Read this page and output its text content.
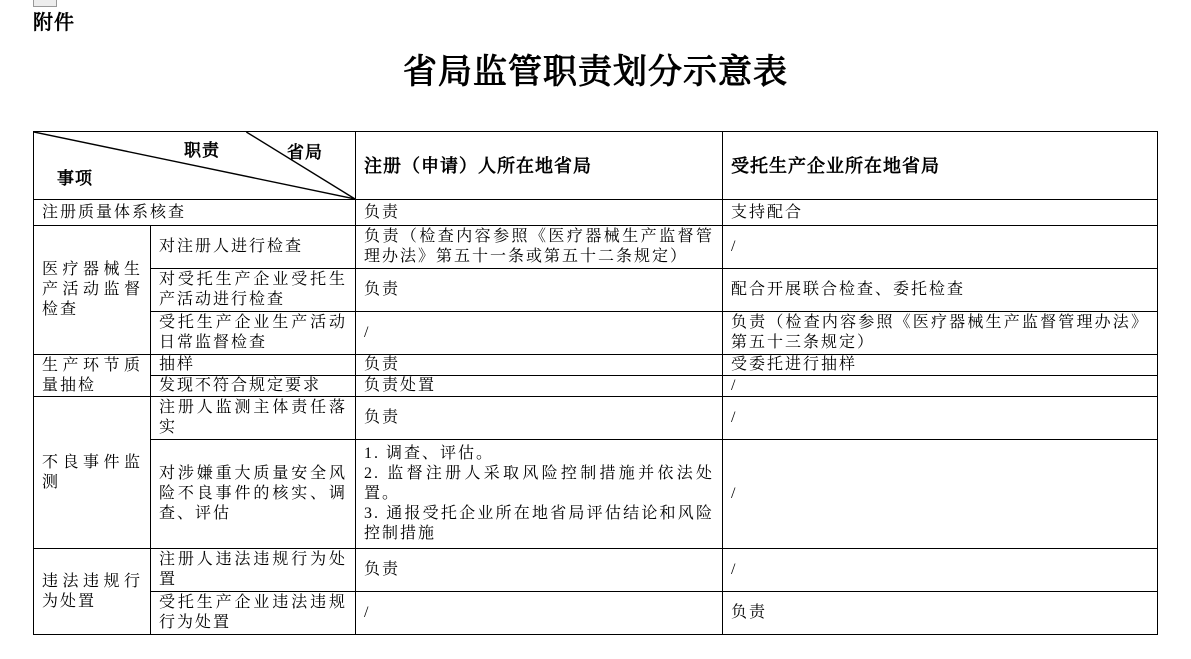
附件
省局监管职责划分示意表
职责 省局
事项		注册（申请）人所在地省局	受托生产企业所在地省局
注册质量体系核查		负责	支持配合
医疗器械生产活动监督检查	对注册人进行检查	负责（检查内容参照《医疗器械生产监督管理办法》第五十一条或第五十二条规定）	/
	对受托生产企业受托生产活动进行检查	负责	配合开展联合检查、委托检查
	受托生产企业生产活动日常监督检查	/	负责（检查内容参照《医疗器械生产监督管理办法》第五十三条规定）
生产环节质量抽检	抽样	负责	受委托进行抽样
	发现不符合规定要求	负责处置	/
不良事件监测	注册人监测主体责任落实	负责	/
	对涉嫌重大质量安全风险不良事件的核实、调查、评估	1. 调查、评估。
2. 监督注册人采取风险控制措施并依法处置。
3. 通报受托企业所在地省局评估结论和风险控制措施	/
违法违规行为处置	注册人违法违规行为处置	负责	/
	受托生产企业违法违规行为处置	/	负责
